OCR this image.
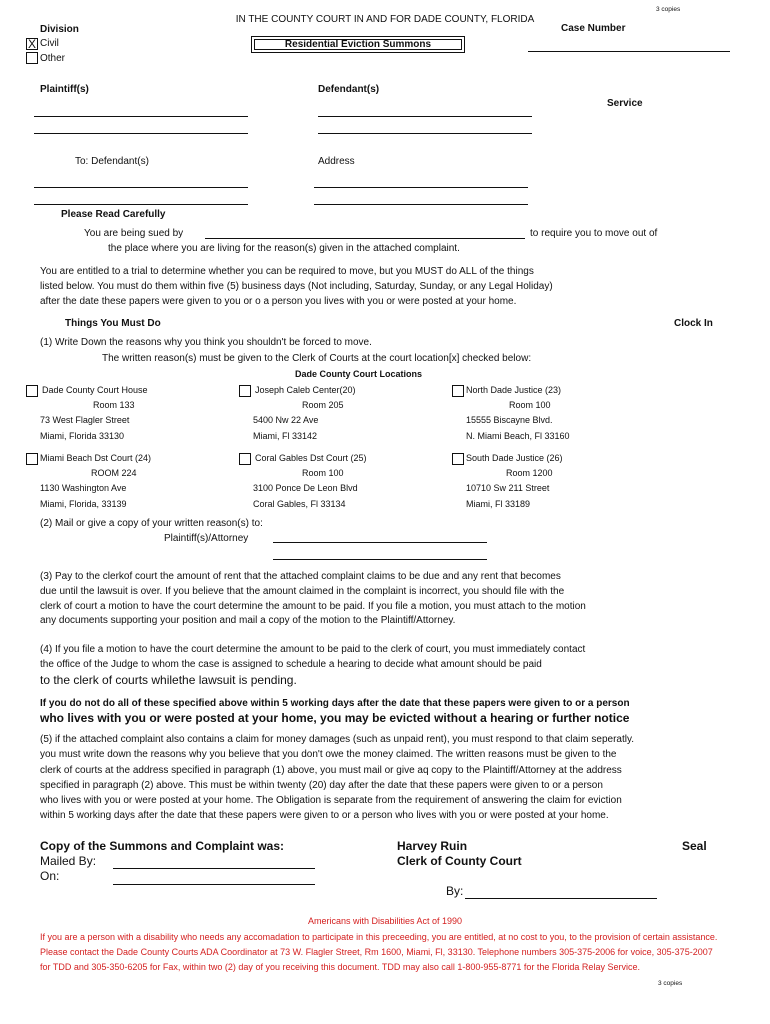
3 copies
IN THE COUNTY COURT IN AND FOR DADE COUNTY, FLORIDA
Division
X Civil
Other
Residential Eviction Summons
Case Number
Plaintiff(s)	Defendant(s)
Service
To: Defendant(s)	Address
Please Read Carefully
You are being sued by	to require you to move out of
the place where you are living for the reason(s) given in the attached complaint.
You are entitled to a trial to determine whether you can be required to move, but you MUST do ALL of the things
listed below. You must do them within five (5) business days (Not including, Saturday, Sunday, or any Legal Holiday)
after the date these papers were given to you or o a person you lives with you or were posted at your home.
Things You Must Do	Clock In
(1) Write Down the reasons why you think you shouldn't be forced to move.
The written reason(s) must be given to the Clerk of Courts at the court location[x] checked below:
Dade County Court Locations
Dade County Court House
Room 133
73 West Flagler Street
Miami, Florida 33130
Joseph Caleb Center(20)
Room 205
5400 Nw 22 Ave
Miami, Fl 33142
North Dade Justice (23)
Room 100
15555 Biscayne Blvd.
N. Miami Beach, Fl 33160
Miami Beach Dst Court (24)
ROOM 224
1130 Washington Ave
Miami, Florida, 33139
Coral Gables Dst Court (25)
Room 100
3100 Ponce De Leon Blvd
Coral Gables, Fl 33134
South Dade Justice (26)
Room 1200
10710 Sw 211 Street
Miami, Fl 33189
(2) Mail or give a copy of your written reason(s) to:
Plaintiff(s)/Attorney
(3) Pay to the clerkof court the amount of rent that the attached complaint claims to be due and any rent that becomes
due until the lawsuit is over. If you believe that the amount claimed in the complaint is incorrect, you should file with the
clerk of court a motion to have the court determine the amount to be paid. If you file a motion, you must attach to the motion
any documents supporting your position and mail a copy of the motion to the Plaintiff/Attorney.
(4) If you file a motion to have the court determine the amount to be paid to the clerk of court, you must immediately contact
the office of the Judge to whom the case is assigned to schedule a hearing to decide what amount should be paid
to the clerk of courts whilethe lawsuit is pending.
If you do not do all of these specified above within 5 working days after the date that these papers were given to or a person
who lives with you or were posted at your home, you may be evicted without a hearing or further notice
(5) if the attached complaint also contains a claim for money damages (such as unpaid rent), you must respond to that claim seperatly.
you must write down the reasons why you believe that you don't owe the money claimed. The written reasons must be given to the
clerk of courts at the address specified in paragraph (1) above, you must mail or give aq copy to the Plaintiff/Attorney at the address
specified in paragraph (2) above. This must be within twenty (20) day after the date that these papers were given to or a person
who lives with you or were posted at your home. The Obligation is separate from the requirement of answering the claim for eviction
within 5 working days after the date that these papers were given to or a person who lives with you or were posted at your home.
Copy of the Summons and Complaint was:
Mailed By:
On:
Harvey Ruin
Clerk of County Court
Seal
By:
Americans with Disabilities Act of 1990
If you are a person with a disability who needs any accomadation to participate in this preceeding, you are entitled, at no cost to you, to the provision of certain assistance.
Please contact the Dade County Courts ADA Coordinator at 73 W. Flagler Street, Rm 1600, Miami, Fl, 33130. Telephone numbers 305-375-2006 for voice, 305-375-2007
for TDD and 305-350-6205 for Fax, within two (2) day of you receiving this document. TDD may also call 1-800-955-8771 for the Florida Relay Service.
3 copies
